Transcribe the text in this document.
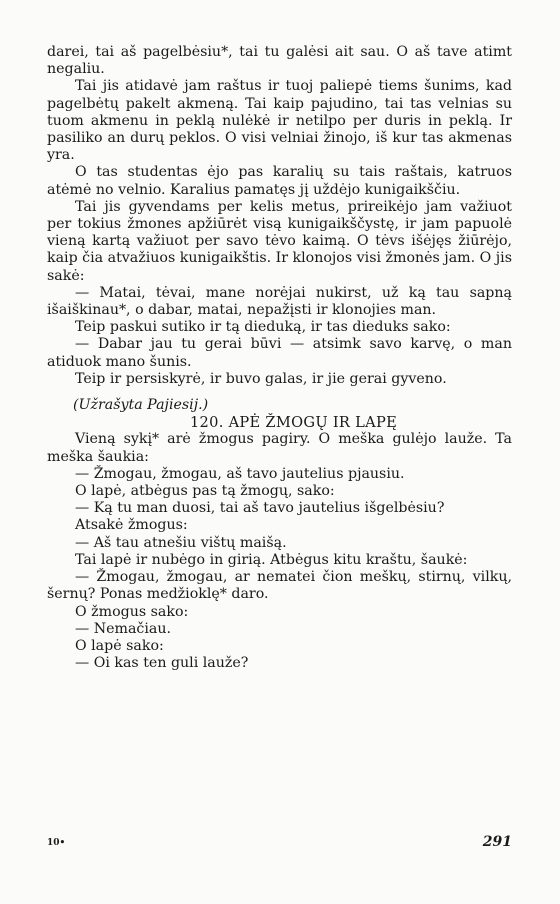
darei, tai aš pagelbėsiu*, tai tu galėsi ait sau. O aš tave atimt negaliu.

Tai jis atidavė jam raštus ir tuoj paliepė tiems šunims, kad pagelbėtų pakelt akmeną. Tai kaip pajudino, tai tas velnias su tuom akmenu in peklą nulėkė ir netilpo per duris in peklą. Ir pasiliko an durų peklos. O visi velniai žinojo, iš kur tas akmenas yra.

O tas studentas ėjo pas karalių su tais raštais, katruos atėmė no velnio. Karalius pamatęs jį uždėjo kunigaikščiu.

Tai jis gyvendams per kelis metus, prireikėjo jam važiuot per tokius žmones apžiūrėt visą kunigaikščystę, ir jam papuolė vieną kartą važiuot per savo tėvo kaimą. O tėvs išėjęs žiūrėjo, kaip čia atvažiuos kunigaikštis. Ir klonojos visi žmonės jam. O jis sakė:

— Matai, tėvai, mane norėjai nukirst, už ką tau sapną išaiškinau*, o dabar, matai, nepažįsti ir klonojies man.

Teip paskui sutiko ir tą dieduką, ir tas dieduks sako:

— Dabar jau tu gerai būvi — atsimk savo karvę, o man atiduok mano šunis.

Teip ir persiskyrė, ir buvo galas, ir jie gerai gyveno.

(Užrašyta Pajiesij.)

120. APĖ ŽMOGŲ IR LAPĘ

Vieną sykį* arė žmogus pagiry. O meška gulėjo lauže. Ta meška šaukia:

— Žmogau, žmogau, aš tavo jautelius pjausiu.

O lapė, atbėgus pas tą žmogų, sako:

— Ką tu man duosi, tai aš tavo jautelius išgelbėsiu?

Atsakė žmogus:

— Aš tau atnešiu vištų maišą.

Tai lapė ir nubėgo in girią. Atbėgus kitu kraštu, šaukė:

— Žmogau, žmogau, ar nematei čion meškų, stirnų, vilkų, šernų? Ponas medžioklę* daro.

O žmogus sako:

— Nemačiau.

O lapė sako:

— Oi kas ten guli lauže?

10•	291
